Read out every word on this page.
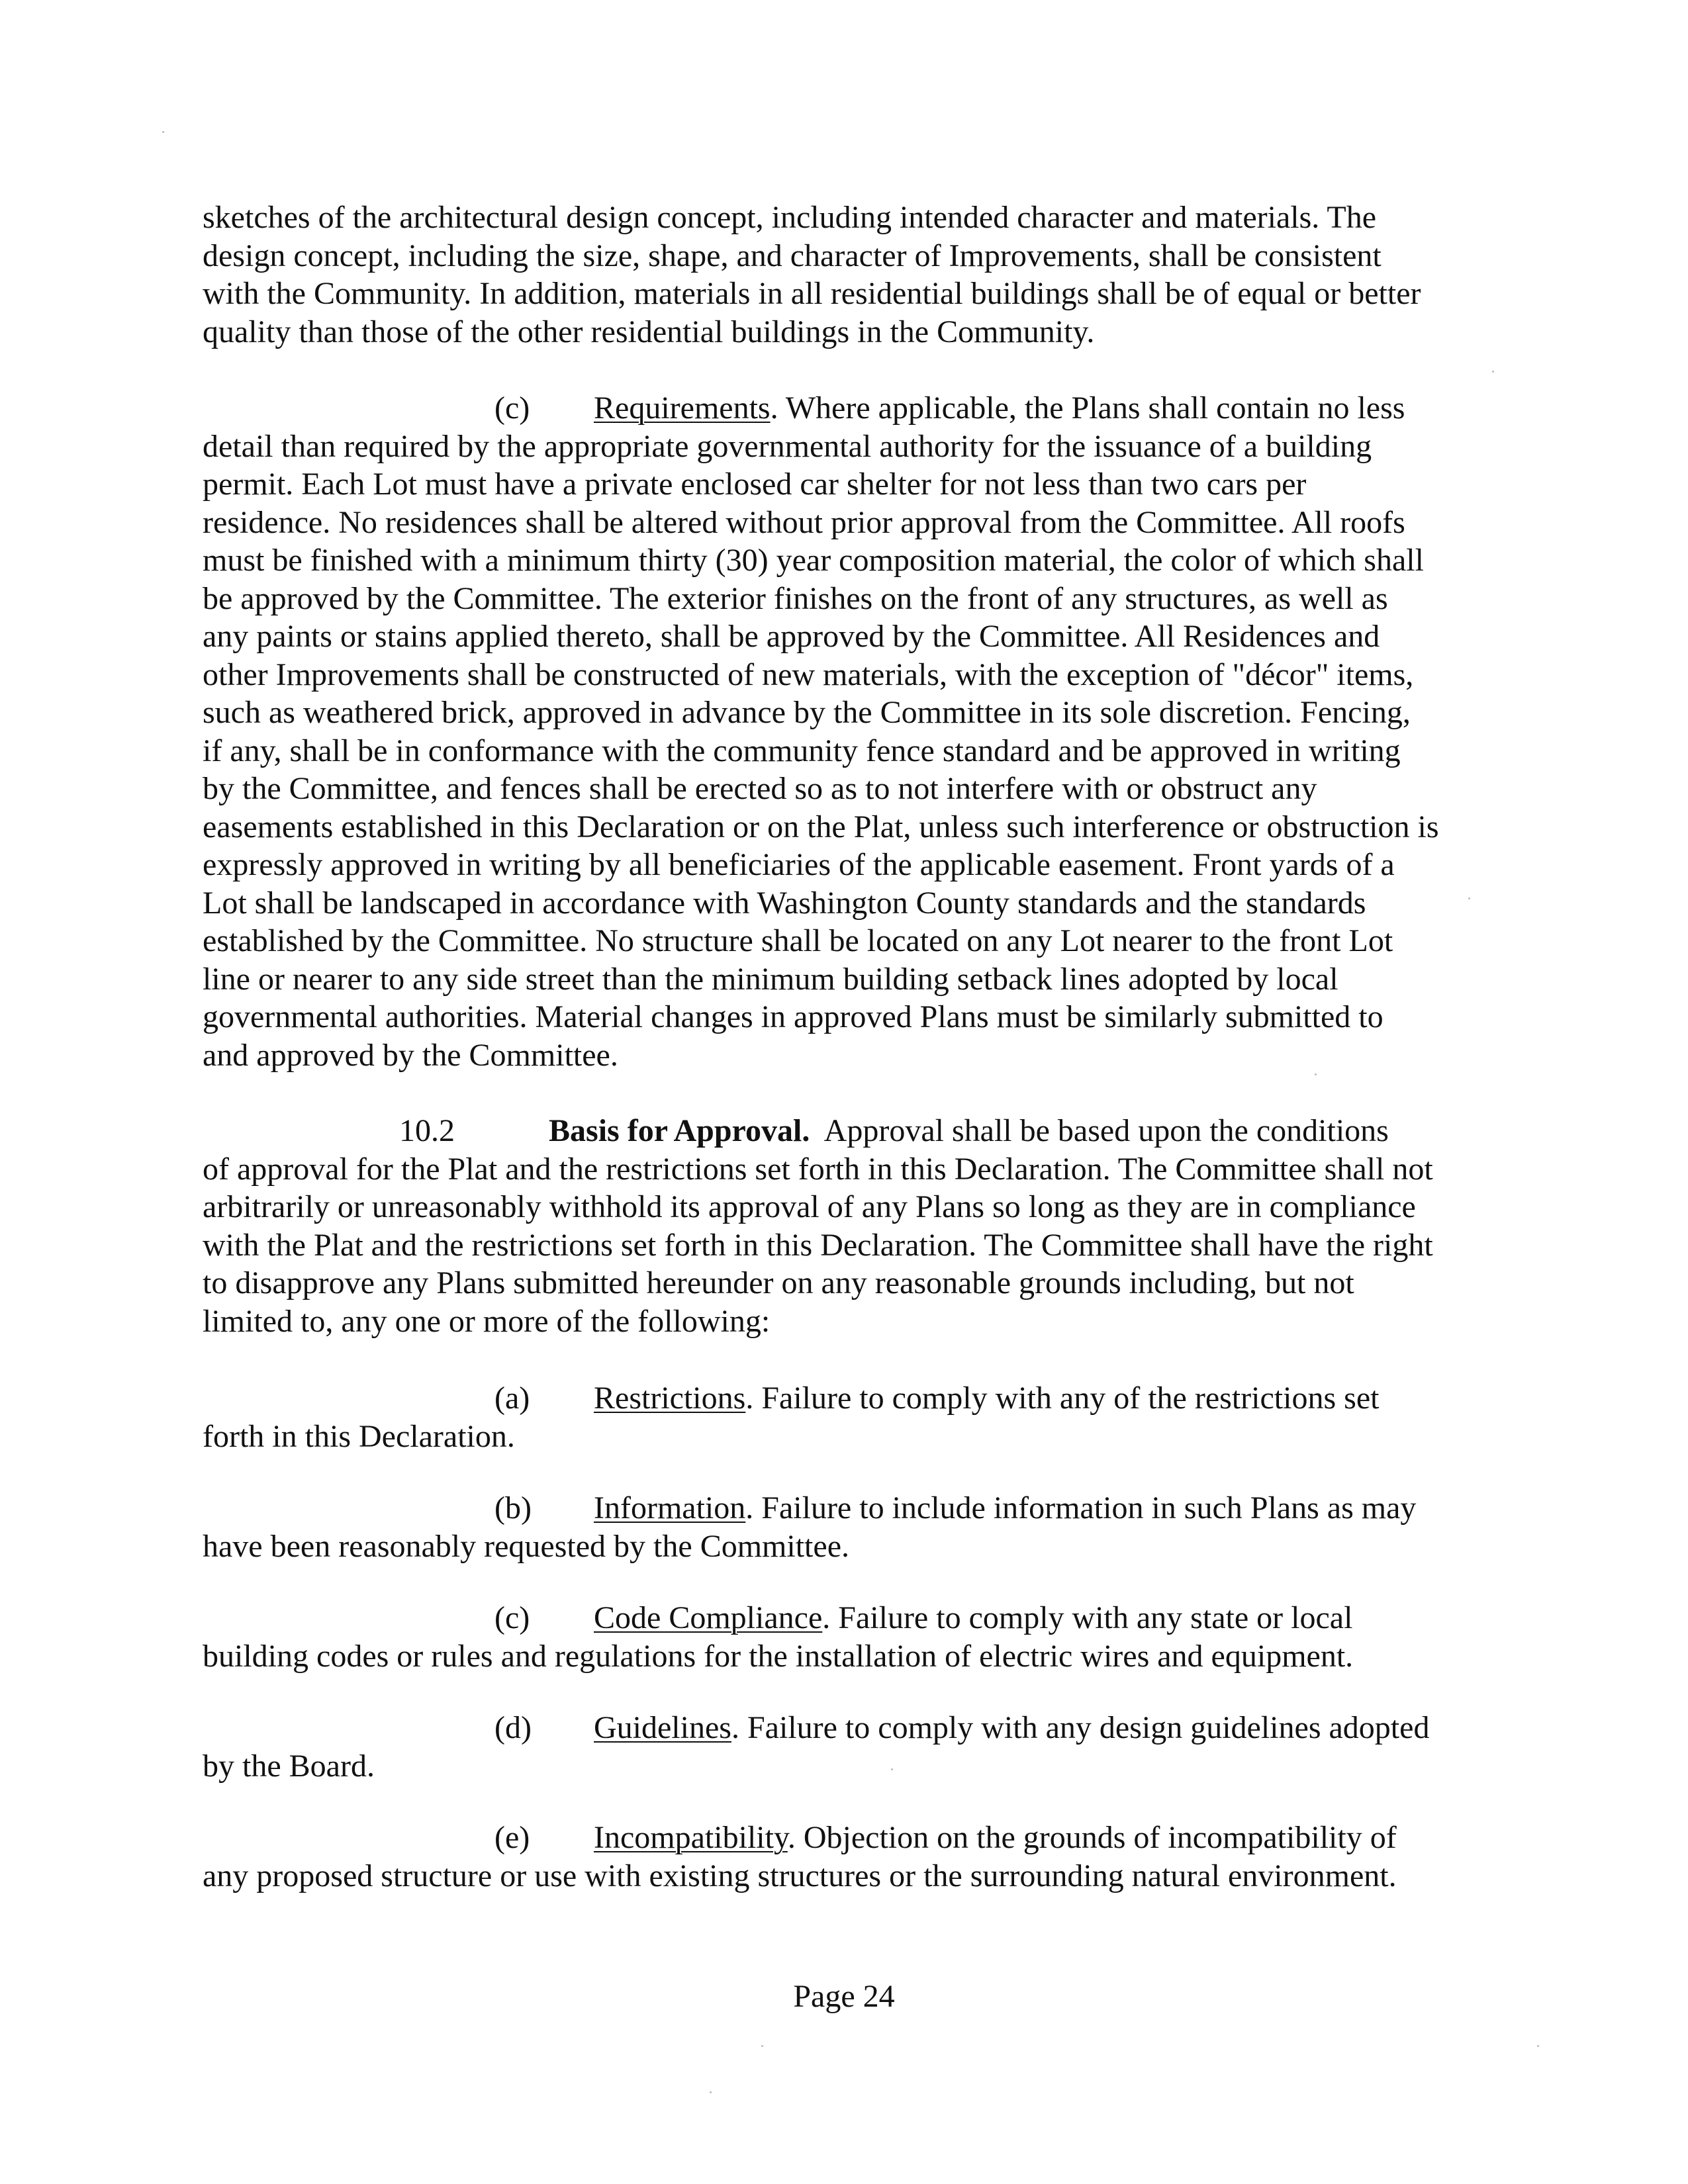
sketches of the architectural design concept, including intended character and materials. The
design concept, including the size, shape, and character of Improvements, shall be consistent
with the Community. In addition, materials in all residential buildings shall be of equal or better
quality than those of the other residential buildings in the Community.
(c) Requirements. Where applicable, the Plans shall contain no less
detail than required by the appropriate governmental authority for the issuance of a building
permit. Each Lot must have a private enclosed car shelter for not less than two cars per
residence. No residences shall be altered without prior approval from the Committee. All roofs
must be finished with a minimum thirty (30) year composition material, the color of which shall
be approved by the Committee. The exterior finishes on the front of any structures, as well as
any paints or stains applied thereto, shall be approved by the Committee. All Residences and
other Improvements shall be constructed of new materials, with the exception of "décor" items,
such as weathered brick, approved in advance by the Committee in its sole discretion. Fencing,
if any, shall be in conformance with the community fence standard and be approved in writing
by the Committee, and fences shall be erected so as to not interfere with or obstruct any
easements established in this Declaration or on the Plat, unless such interference or obstruction is
expressly approved in writing by all beneficiaries of the applicable easement. Front yards of a
Lot shall be landscaped in accordance with Washington County standards and the standards
established by the Committee. No structure shall be located on any Lot nearer to the front Lot
line or nearer to any side street than the minimum building setback lines adopted by local
governmental authorities. Material changes in approved Plans must be similarly submitted to
and approved by the Committee.
10.2	Basis for Approval.  Approval shall be based upon the conditions
of approval for the Plat and the restrictions set forth in this Declaration. The Committee shall not
arbitrarily or unreasonably withhold its approval of any Plans so long as they are in compliance
with the Plat and the restrictions set forth in this Declaration. The Committee shall have the right
to disapprove any Plans submitted hereunder on any reasonable grounds including, but not
limited to, any one or more of the following:
(a) Restrictions. Failure to comply with any of the restrictions set
forth in this Declaration.
(b) Information. Failure to include information in such Plans as may
have been reasonably requested by the Committee.
(c) Code Compliance. Failure to comply with any state or local
building codes or rules and regulations for the installation of electric wires and equipment.
(d) Guidelines. Failure to comply with any design guidelines adopted
by the Board.
(e) Incompatibility. Objection on the grounds of incompatibility of
any proposed structure or use with existing structures or the surrounding natural environment.
Page 24
